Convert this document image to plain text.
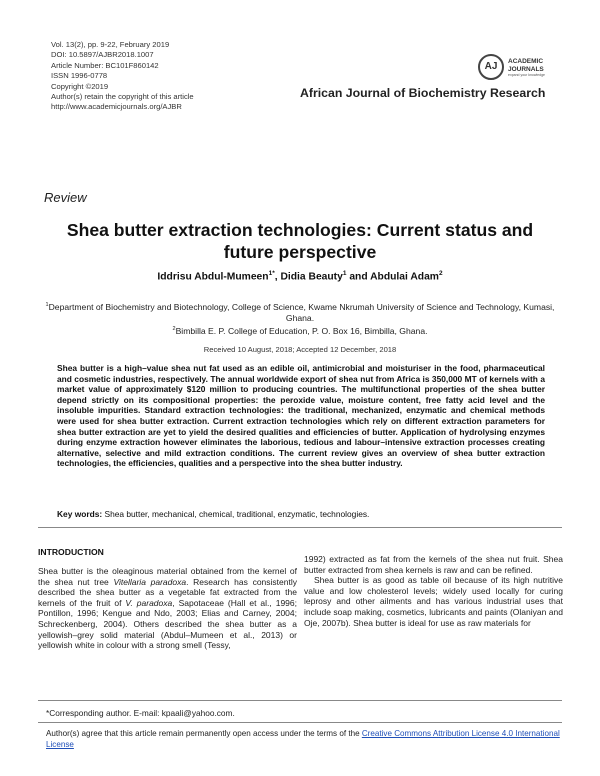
Vol. 13(2), pp. 9-22, February 2019
DOI: 10.5897/AJBR2018.1007
Article Number: BC101F860142
ISSN 1996-0778
Copyright ©2019
Author(s) retain the copyright of this article
http://www.academicjournals.org/AJBR
AJ	ACADEMIC
JOURNALS
expand your knowledge
African Journal of Biochemistry Research
Review
Shea butter extraction technologies: Current status and future perspective
Iddrisu Abdul-Mumeen$^{1*}$, Didia Beauty$^1$ and Abdulai Adam$^2$
$^1$Department of Biochemistry and Biotechnology, College of Science, Kwame Nkrumah University of Science and Technology, Kumasi, Ghana.
$^2$Bimbilla E. P. College of Education, P. O. Box 16, Bimbilla, Ghana.
Received 10 August, 2018; Accepted 12 December, 2018
Shea butter is a high–value shea nut fat used as an edible oil, antimicrobial and moisturiser in the food, pharmaceutical and cosmetic industries, respectively. The annual worldwide export of shea nut from Africa is 350,000 MT of kernels with a market value of approximately $120 million to producing countries. The multifunctional properties of the shea butter depend strictly on its compositional properties: the peroxide value, moisture content, free fatty acid level and the insoluble impurities. Standard extraction technologies: the traditional, mechanized, enzymatic and chemical methods were used for shea butter extraction. Current extraction technologies which rely on different extraction parameters for shea butter extraction are yet to yield the desired qualities and efficiencies of butter. Application of hydrolysing enzymes during enzyme extraction however eliminates the laborious, tedious and labour–intensive extraction processes creating alternative, selective and mild extraction conditions. The current review gives an overview of shea butter extraction technologies, the efficiencies, qualities and a perspective into the shea butter industry.
Key words: Shea butter, mechanical, chemical, traditional, enzymatic, technologies.
INTRODUCTION

Shea butter is the oleaginous material obtained from the kernel of the shea nut tree Vitellaria paradoxa. Research has consistently described the shea butter as a vegetable fat extracted from the kernels of the fruit of V. paradoxa, Sapotaceae (Hall et al., 1996; Pontillon, 1996; Kengue and Ndo, 2003; Elias and Carney, 2004; Schreckenberg, 2004). Others described the shea butter as a yellowish–grey solid material (Abdul–Mumeen et al., 2013) or yellowish white in colour with a strong smell (Tessy,

1992) extracted as fat from the kernels of the shea nut fruit. Shea butter extracted from shea kernels is raw and can be refined.

Shea butter is as good as table oil because of its high nutritive value and low cholesterol levels; widely used locally for curing leprosy and other ailments and has various industrial uses that include soap making, cosmetics, lubricants and paints (Olaniyan and Oje, 2007b). Shea butter is ideal for use as raw materials for

*Corresponding author. E-mail: kpaali@yahoo.com.
Author(s) agree that this article remain permanently open access under the terms of the Creative Commons Attribution License 4.0 International License
